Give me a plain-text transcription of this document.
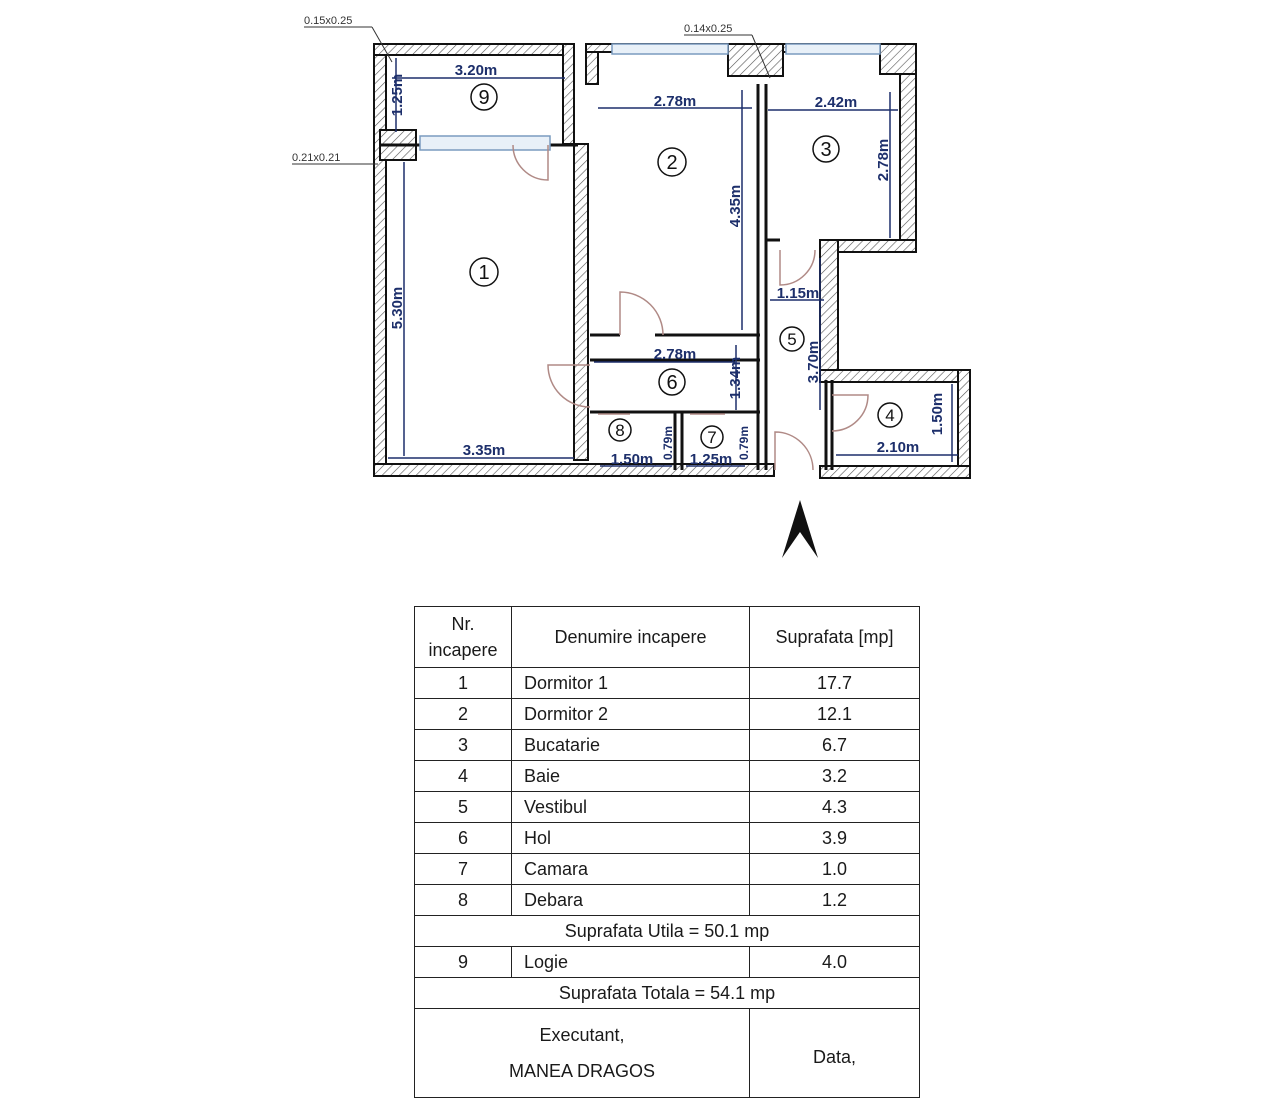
9
2
3
1
5
6
7
8
4
3.20m
1.25m	2.78m
4.35m
2.42m
2.78m
5.30m
3.35m
1.15m
3.70m
2.78m
1.34m
1.50m 0.79m 1.25m 0.79m	2.10m
1.50m
0.15x0.25
0.14x0.25
0.21x0.21
Nr. incapere	Denumire incapere	Suprafata [mp]
1	Dormitor 1	17.7
2	Dormitor 2	12.1
3	Bucatarie	6.7
4	Baie	3.2
5	Vestibul	4.3
6	Hol	3.9
7	Camara	1.0
8	Debara	1.2
Suprafata Utila = 50.1 mp		
9	Logie	4.0
Suprafata Totala = 54.1 mp		

Executant,
MANEA DRAGOS		Data,
